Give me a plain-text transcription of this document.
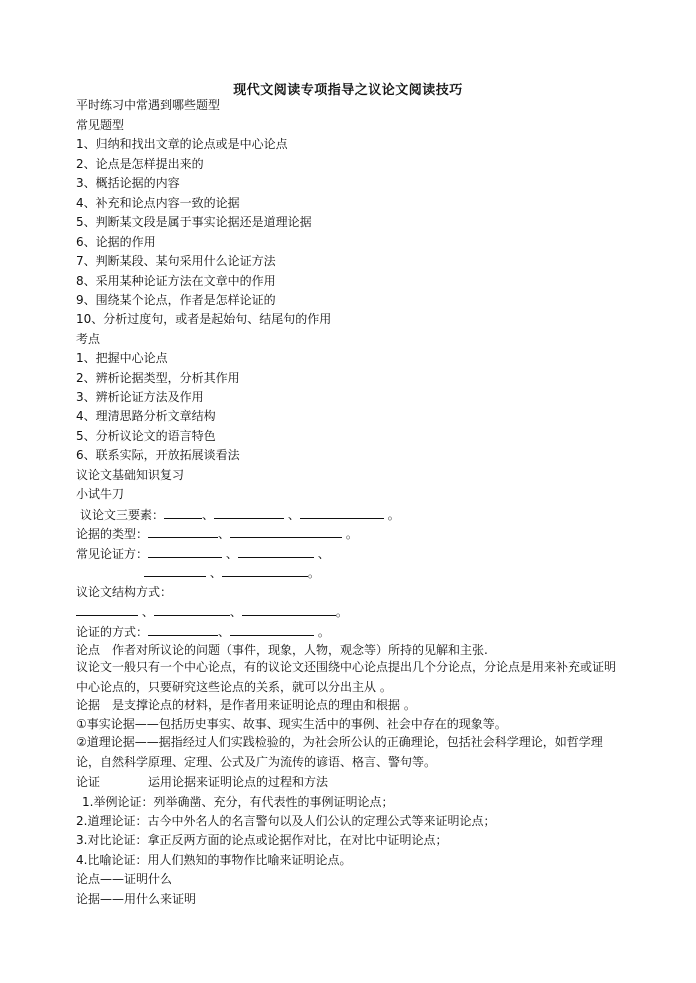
现代文阅读专项指导之议论文阅读技巧
平时练习中常遇到哪些题型
常见题型
1、归纳和找出文章的论点或是中心论点
2、论点是怎样提出来的
3、概括论据的内容
4、补充和论点内容一致的论据
5、判断某文段是属于事实论据还是道理论据
6、论据的作用
7、判断某段、某句采用什么论证方法
8、采用某种论证方法在文章中的作用
9、围绕某个论点，作者是怎样论证的
10、分析过度句，或者是起始句、结尾句的作用
考点
1、把握中心论点
2、辨析论据类型，分析其作用
3、辨析论证方法及作用
4、理清思路分析文章结构
5、分析议论文的语言特色
6、联系实际，开放拓展谈看法
议论文基础知识复习
小试牛刀
议论文三要素：	、	、	。
论据的类型：	、	。
常见论证方：	、	、
、	。
议论文结构方式：
、	、	。
论证的方式：	、	。
论点　作者对所议论的问题（事件，现象，人物，观念等）所持的见解和主张.
议论文一般只有一个中心论点，有的议论文还围绕中心论点提出几个分论点，分论点是用来补充或证明中心论点的，只要研究这些论点的关系，就可以分出主从 。
论据　是支撑论点的材料，是作者用来证明论点的理由和根据 。
①事实论据——包括历史事实、故事、现实生活中的事例、社会中存在的现象等。
②道理论据——据指经过人们实践检验的，为社会所公认的正确理论，包括社会科学理论，如哲学理论，自然科学原理、定理、公式及广为流传的谚语、格言、警句等。
论证　　　　运用论据来证明论点的过程和方法
1.举例论证：列举确凿、充分，有代表性的事例证明论点；
2.道理论证：古今中外名人的名言警句以及人们公认的定理公式等来证明论点；
3.对比论证：拿正反两方面的论点或论据作对比，在对比中证明论点；
4.比喻论证：用人们熟知的事物作比喻来证明论点。
论点——证明什么
论据——用什么来证明
